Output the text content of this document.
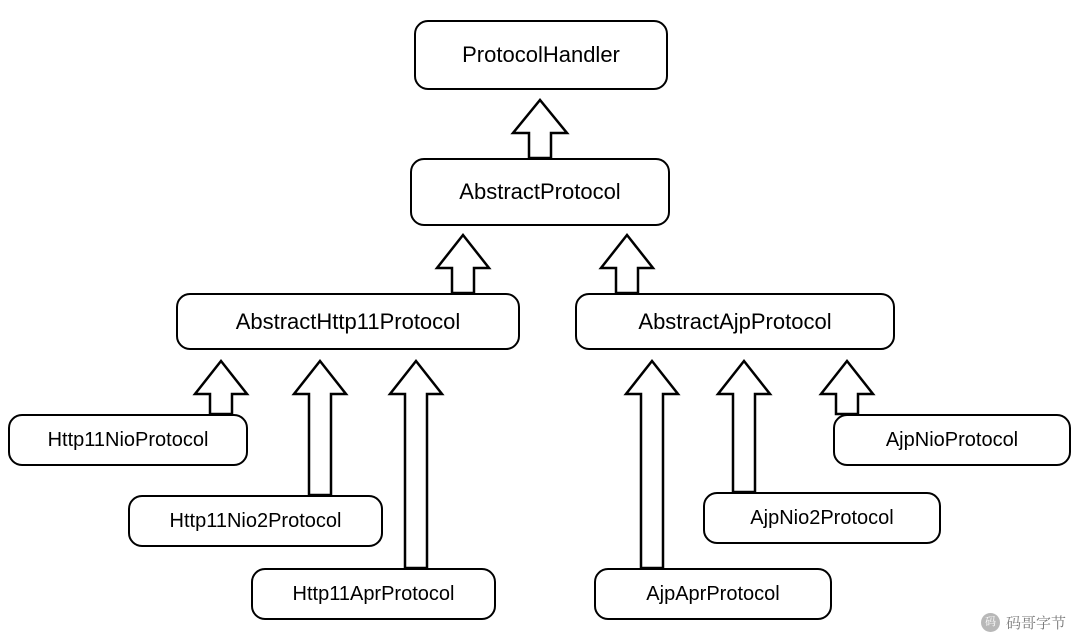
ProtocolHandler
AbstractProtocol
AbstractHttp11Protocol	AbstractAjpProtocol
Http11NioProtocol
Http11Nio2Protocol
Http11AprProtocol
AjpNioProtocol
AjpNio2Protocol
AjpAprProtocol
码 码哥字节
